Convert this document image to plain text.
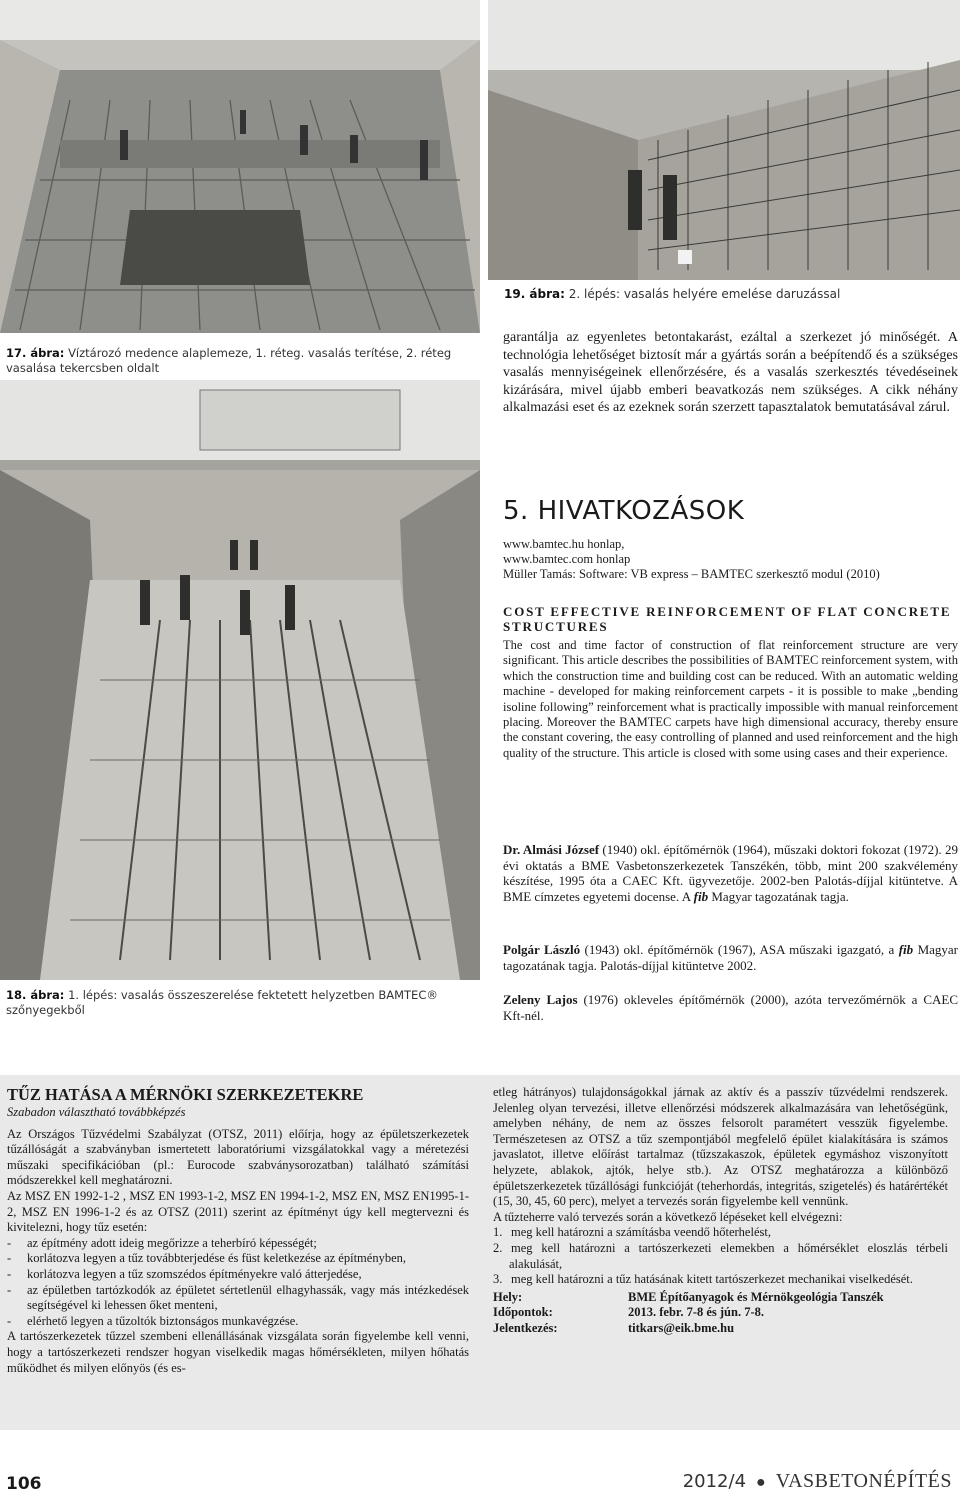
19. ábra: 2. lépés: vasalás helyére emelése daruzással
17. ábra: Víztározó medence alaplemeze, 1. réteg. vasalás terítése, 2. réteg vasalása tekercsben oldalt
18. ábra: 1. lépés: vasalás összeszerelése fektetett helyzetben BAMTEC® szőnyegekből
garantálja az egyenletes betontakarást, ezáltal a szerkezet jó minőségét. A technológia lehetőséget biztosít már a gyártás során a beépítendő és a szükséges vasalás mennyiségeinek ellenőrzésére, és a vasalás szerkesztés tévedéseinek kizárására, mivel újabb emberi beavatkozás nem szükséges. A cikk néhány alkalmazási eset és az ezeknek során szerzett tapasztalatok bemutatásával zárul.
5. HIVATKOZÁSOK
www.bamtec.hu honlap,
www.bamtec.com honlap
Müller Tamás: Software: VB express – BAMTEC szerkesztő modul (2010)
COST EFFECTIVE REINFORCEMENT OF FLAT CONCRETE STRUCTURES
The cost and time factor of construction of flat reinforcement structure are very significant. This article describes the possibilities of BAMTEC reinforcement system, with which the construction time and building cost can be reduced. With an automatic welding machine - developed for making reinforcement carpets - it is possible to make „bending isoline following” reinforcement what is practically impossible with manual reinforcement placing. Moreover the BAMTEC carpets have high dimensional accuracy, thereby ensure the constant covering, the easy controlling of planned and used reinforcement and the high quality of the structure. This article is closed with some using cases and their experience.
Dr. Almási József (1940) okl. építőmérnök (1964), műszaki doktori fokozat (1972). 29 évi oktatás a BME Vasbetonszerkezetek Tanszékén, több, mint 200 szakvélemény készítése, 1995 óta a CAEC Kft. ügyvezetője. 2002-ben Palotás-díjjal kitüntetve. A BME címzetes egyetemi docense. A fib Magyar tagozatának tagja.
Polgár László (1943) okl. építőmérnök (1967), ASA műszaki igazgató, a fib Magyar tagozatának tagja. Palotás-díjjal kitüntetve 2002.
Zeleny Lajos (1976) okleveles építőmérnök (2000), azóta tervezőmérnök a CAEC Kft-nél.
TŰZ HATÁSA A MÉRNÖKI SZERKEZETEKRE
Szabadon választható továbbképzés
Az Országos Tűzvédelmi Szabályzat (OTSZ, 2011) előírja, hogy az épületszerkezetek tűzállóságát a szabványban ismertetett laboratóriumi vizsgálatokkal vagy a méretezési műszaki specifikációban (pl.: Eurocode szabványsorozatban) található számítási módszerekkel kell meghatározni.
Az MSZ EN 1992-1-2 , MSZ EN 1993-1-2, MSZ EN 1994-1-2, MSZ EN, MSZ EN1995-1-2, MSZ EN 1996-1-2 és az OTSZ (2011) szerint az építményt úgy kell megtervezni és kivitelezni, hogy tűz esetén:
- az építmény adott ideig megőrizze a teherbíró képességét;
- korlátozva legyen a tűz továbbterjedése és füst keletkezése az építményben,
- korlátozva legyen a tűz szomszédos építményekre való átterjedése,
- az épületben tartózkodók az épületet sértetlenül elhagyhassák, vagy más intézkedések segítségével ki lehessen őket menteni,
- elérhető legyen a tűzoltók biztonságos munkavégzése.
A tartószerkezetek tűzzel szembeni ellenállásának vizsgálata során figyelembe kell venni, hogy a tartószerkezeti rendszer hogyan viselkedik magas hőmérsékleten, milyen hőhatás működhet és milyen előnyös (és es-
etleg hátrányos) tulajdonságokkal járnak az aktív és a passzív tűzvédelmi rendszerek. Jelenleg olyan tervezési, illetve ellenőrzési módszerek alkalmazására van lehetőségünk, amelyben néhány, de nem az összes felsorolt paramétert vesszük figyelembe. Természetesen az OTSZ a tűz szempontjából megfelelő épület kialakítására is számos javaslatot, illetve előírást tartalmaz (tűzszakaszok, épületek egymáshoz viszonyított helyzete, ablakok, ajtók, helye stb.). Az OTSZ meghatározza a különböző épületszerkezetek tűzállósági funkcióját (teherhordás, integritás, szigetelés) és határértékét (15, 30, 45, 60 perc), melyet a tervezés során figyelembe kell vennünk.
A tűzteherre való tervezés során a következő lépéseket kell elvégezni:
1. meg kell határozni a számításba veendő hőterhelést,
2. meg kell határozni a tartószerkezeti elemekben a hőmérséklet eloszlás térbeli alakulását,
3. meg kell határozni a tűz hatásának kitett tartószerkezet mechanikai viselkedését.
Hely:	BME Építőanyagok és Mérnökgeológia Tanszék
Időpontok:	2013. febr. 7-8 és jún. 7-8.
Jelentkezés:	titkars@eik.bme.hu
106	2012/4 ● VASBETONÉPÍTÉS
